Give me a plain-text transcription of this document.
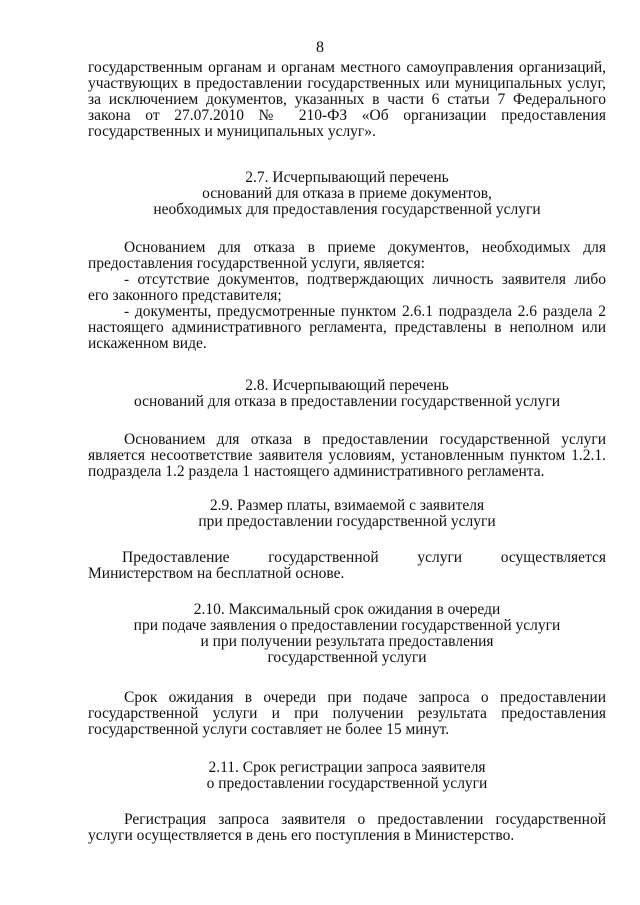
8
государственным органам и органам местного самоуправления организаций,
участвующих в предоставлении государственных или муниципальных услуг,
за исключением документов, указанных в части 6 статьи 7 Федерального
закона от 27.07.2010 № 210-ФЗ «Об организации предоставления
государственных и муниципальных услуг».
2.7. Исчерпывающий перечень
оснований для отказа в приеме документов,
необходимых для предоставления государственной услуги
Основанием для отказа в приеме документов, необходимых для
предоставления государственной услуги, является:
- отсутствие документов, подтверждающих личность заявителя либо
его законного представителя;
- документы, предусмотренные пунктом 2.6.1 подраздела 2.6 раздела 2
настоящего административного регламента, представлены в неполном или
искаженном виде.
2.8. Исчерпывающий перечень
оснований для отказа в предоставлении государственной услуги
Основанием для отказа в предоставлении государственной услуги
является несоответствие заявителя условиям, установленным пунктом 1.2.1.
подраздела 1.2 раздела 1 настоящего административного регламента.
2.9. Размер платы, взимаемой с заявителя
при предоставлении государственной услуги
Предоставление государственной услуги осуществляется
Министерством на бесплатной основе.
2.10. Максимальный срок ожидания в очереди
при подаче заявления о предоставлении государственной услуги
и при получении результата предоставления
государственной услуги
Срок ожидания в очереди при подаче запроса о предоставлении
государственной услуги и при получении результата предоставления
государственной услуги составляет не более 15 минут.
2.11. Срок регистрации запроса заявителя
о предоставлении государственной услуги
Регистрация запроса заявителя о предоставлении государственной
услуги осуществляется в день его поступления в Министерство.
